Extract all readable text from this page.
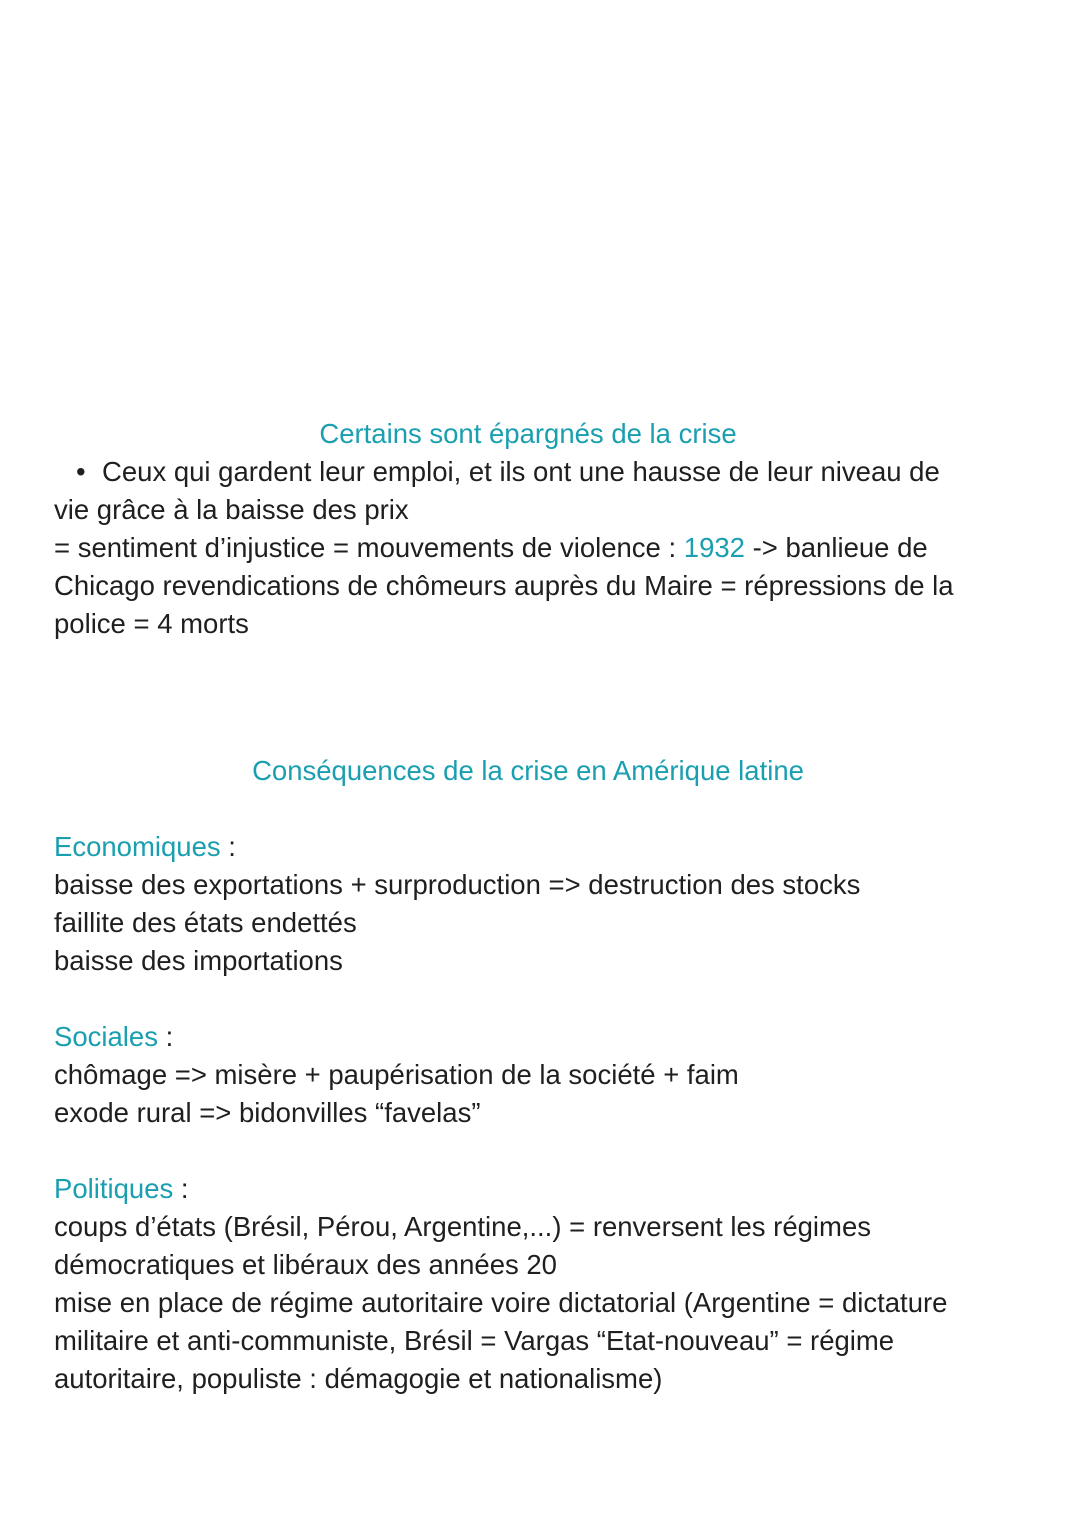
Certains sont épargnés de la crise
• Ceux qui gardent leur emploi, et ils ont une hausse de leur niveau de
vie grâce à la baisse des prix
= sentiment d’injustice = mouvements de violence : 1932 -> banlieue de
Chicago revendications de chômeurs auprès du Maire = répressions de la
police = 4 morts
Conséquences de la crise en Amérique latine
Economiques :
baisse des exportations + surproduction => destruction des stocks
faillite des états endettés
baisse des importations
Sociales :
chômage => misère + paupérisation de la société + faim
exode rural => bidonvilles “favelas”
Politiques :
coups d’états (Brésil, Pérou, Argentine,...) = renversent les régimes
démocratiques et libéraux des années 20
mise en place de régime autoritaire voire dictatorial (Argentine = dictature
militaire et anti-communiste, Brésil = Vargas “Etat-nouveau” = régime
autoritaire, populiste : démagogie et nationalisme)
